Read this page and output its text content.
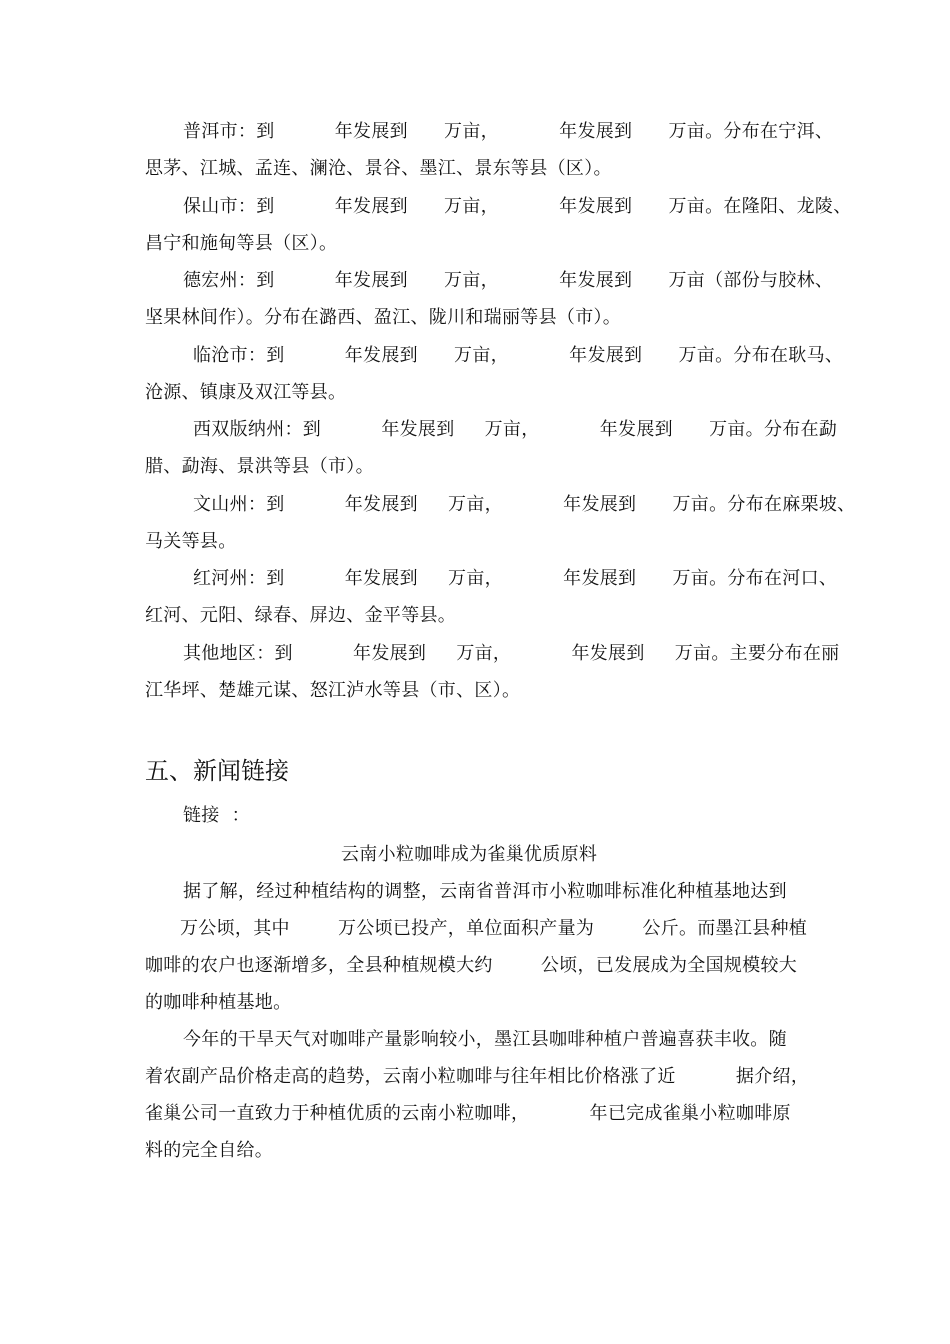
普洱市：到          年发展到      万亩，          年发展到      万亩。分布在宁洱、
思茅、江城、孟连、澜沧、景谷、墨江、景东等县（区）。
保山市：到          年发展到      万亩，          年发展到      万亩。在隆阳、龙陵、
昌宁和施甸等县（区）。
德宏州：到          年发展到      万亩，          年发展到      万亩（部份与胶林、
坚果林间作）。分布在潞西、盈江、陇川和瑞丽等县（市）。
临沧市：到          年发展到      万亩，          年发展到      万亩。分布在耿马、
沧源、镇康及双江等县。
西双版纳州：到          年发展到     万亩，          年发展到      万亩。分布在勐
腊、勐海、景洪等县（市）。
文山州：到          年发展到     万亩，          年发展到      万亩。分布在麻栗坡、
马关等县。
红河州：到          年发展到     万亩，          年发展到      万亩。分布在河口、
红河、元阳、绿春、屏边、金平等县。
其他地区：到          年发展到     万亩，          年发展到     万亩。主要分布在丽
江华坪、楚雄元谋、怒江泸水等县（市、区）。
五、新闻链接
链接  ：
云南小粒咖啡成为雀巢优质原料
据了解，经过种植结构的调整，云南省普洱市小粒咖啡标准化种植基地达到
万公顷，其中        万公顷已投产，单位面积产量为        公斤。而墨江县种植
咖啡的农户也逐渐增多，全县种植规模大约        公顷，已发展成为全国规模较大
的咖啡种植基地。
今年的干旱天气对咖啡产量影响较小，墨江县咖啡种植户普遍喜获丰收。随
着农副产品价格走高的趋势，云南小粒咖啡与往年相比价格涨了近          据介绍，
雀巢公司一直致力于种植优质的云南小粒咖啡，          年已完成雀巢小粒咖啡原
料的完全自给。
